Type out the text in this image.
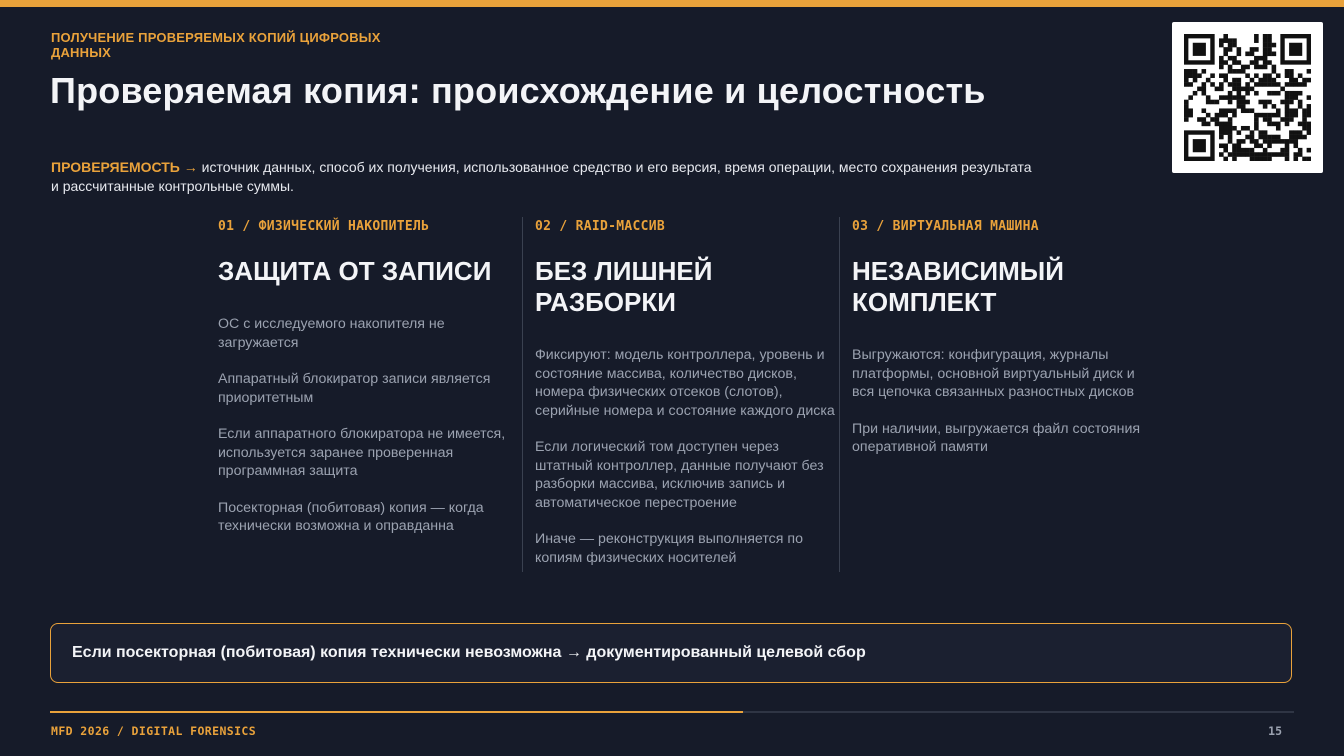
ПОЛУЧЕНИЕ ПРОВЕРЯЕМЫХ КОПИЙ ЦИФРОВЫХ ДАННЫХ
Проверяемая копия: происхождение и целостность
ПРОВЕРЯЕМОСТЬ → источник данных, способ их получения, использованное средство и его версия, время операции, место сохранения результата
и рассчитанные контрольные суммы.
01 / ФИЗИЧЕСКИЙ НАКОПИТЕЛЬ
ЗАЩИТА ОТ ЗАПИСИ

ОС с исследуемого накопителя не загружается

Аппаратный блокиратор записи является приоритетным

Если аппаратного блокиратора не имеется, используется заранее проверенная программная защита

Посекторная (побитовая) копия — когда технически возможна и оправданна

02 / RAID-МАССИВ
БЕЗ ЛИШНЕЙ РАЗБОРКИ

Фиксируют: модель контроллера, уровень и состояние массива, количество дисков, номера физических отсеков (слотов), серийные номера и состояние каждого диска

Если логический том доступен через штатный контроллер, данные получают без разборки массива, исключив запись и автоматическое перестроение

Иначе — реконструкция выполняется по копиям физических носителей

03 / ВИРТУАЛЬНАЯ МАШИНА
НЕЗАВИСИМЫЙ КОМПЛЕКТ

Выгружаются: конфигурация, журналы платформы, основной виртуальный диск и вся цепочка связанных разностных дисков

При наличии, выгружается файл состояния оперативной памяти

Если посекторная (побитовая) копия технически невозможна → документированный целевой сбор
MFD 2026 / DIGITAL FORENSICS	15
